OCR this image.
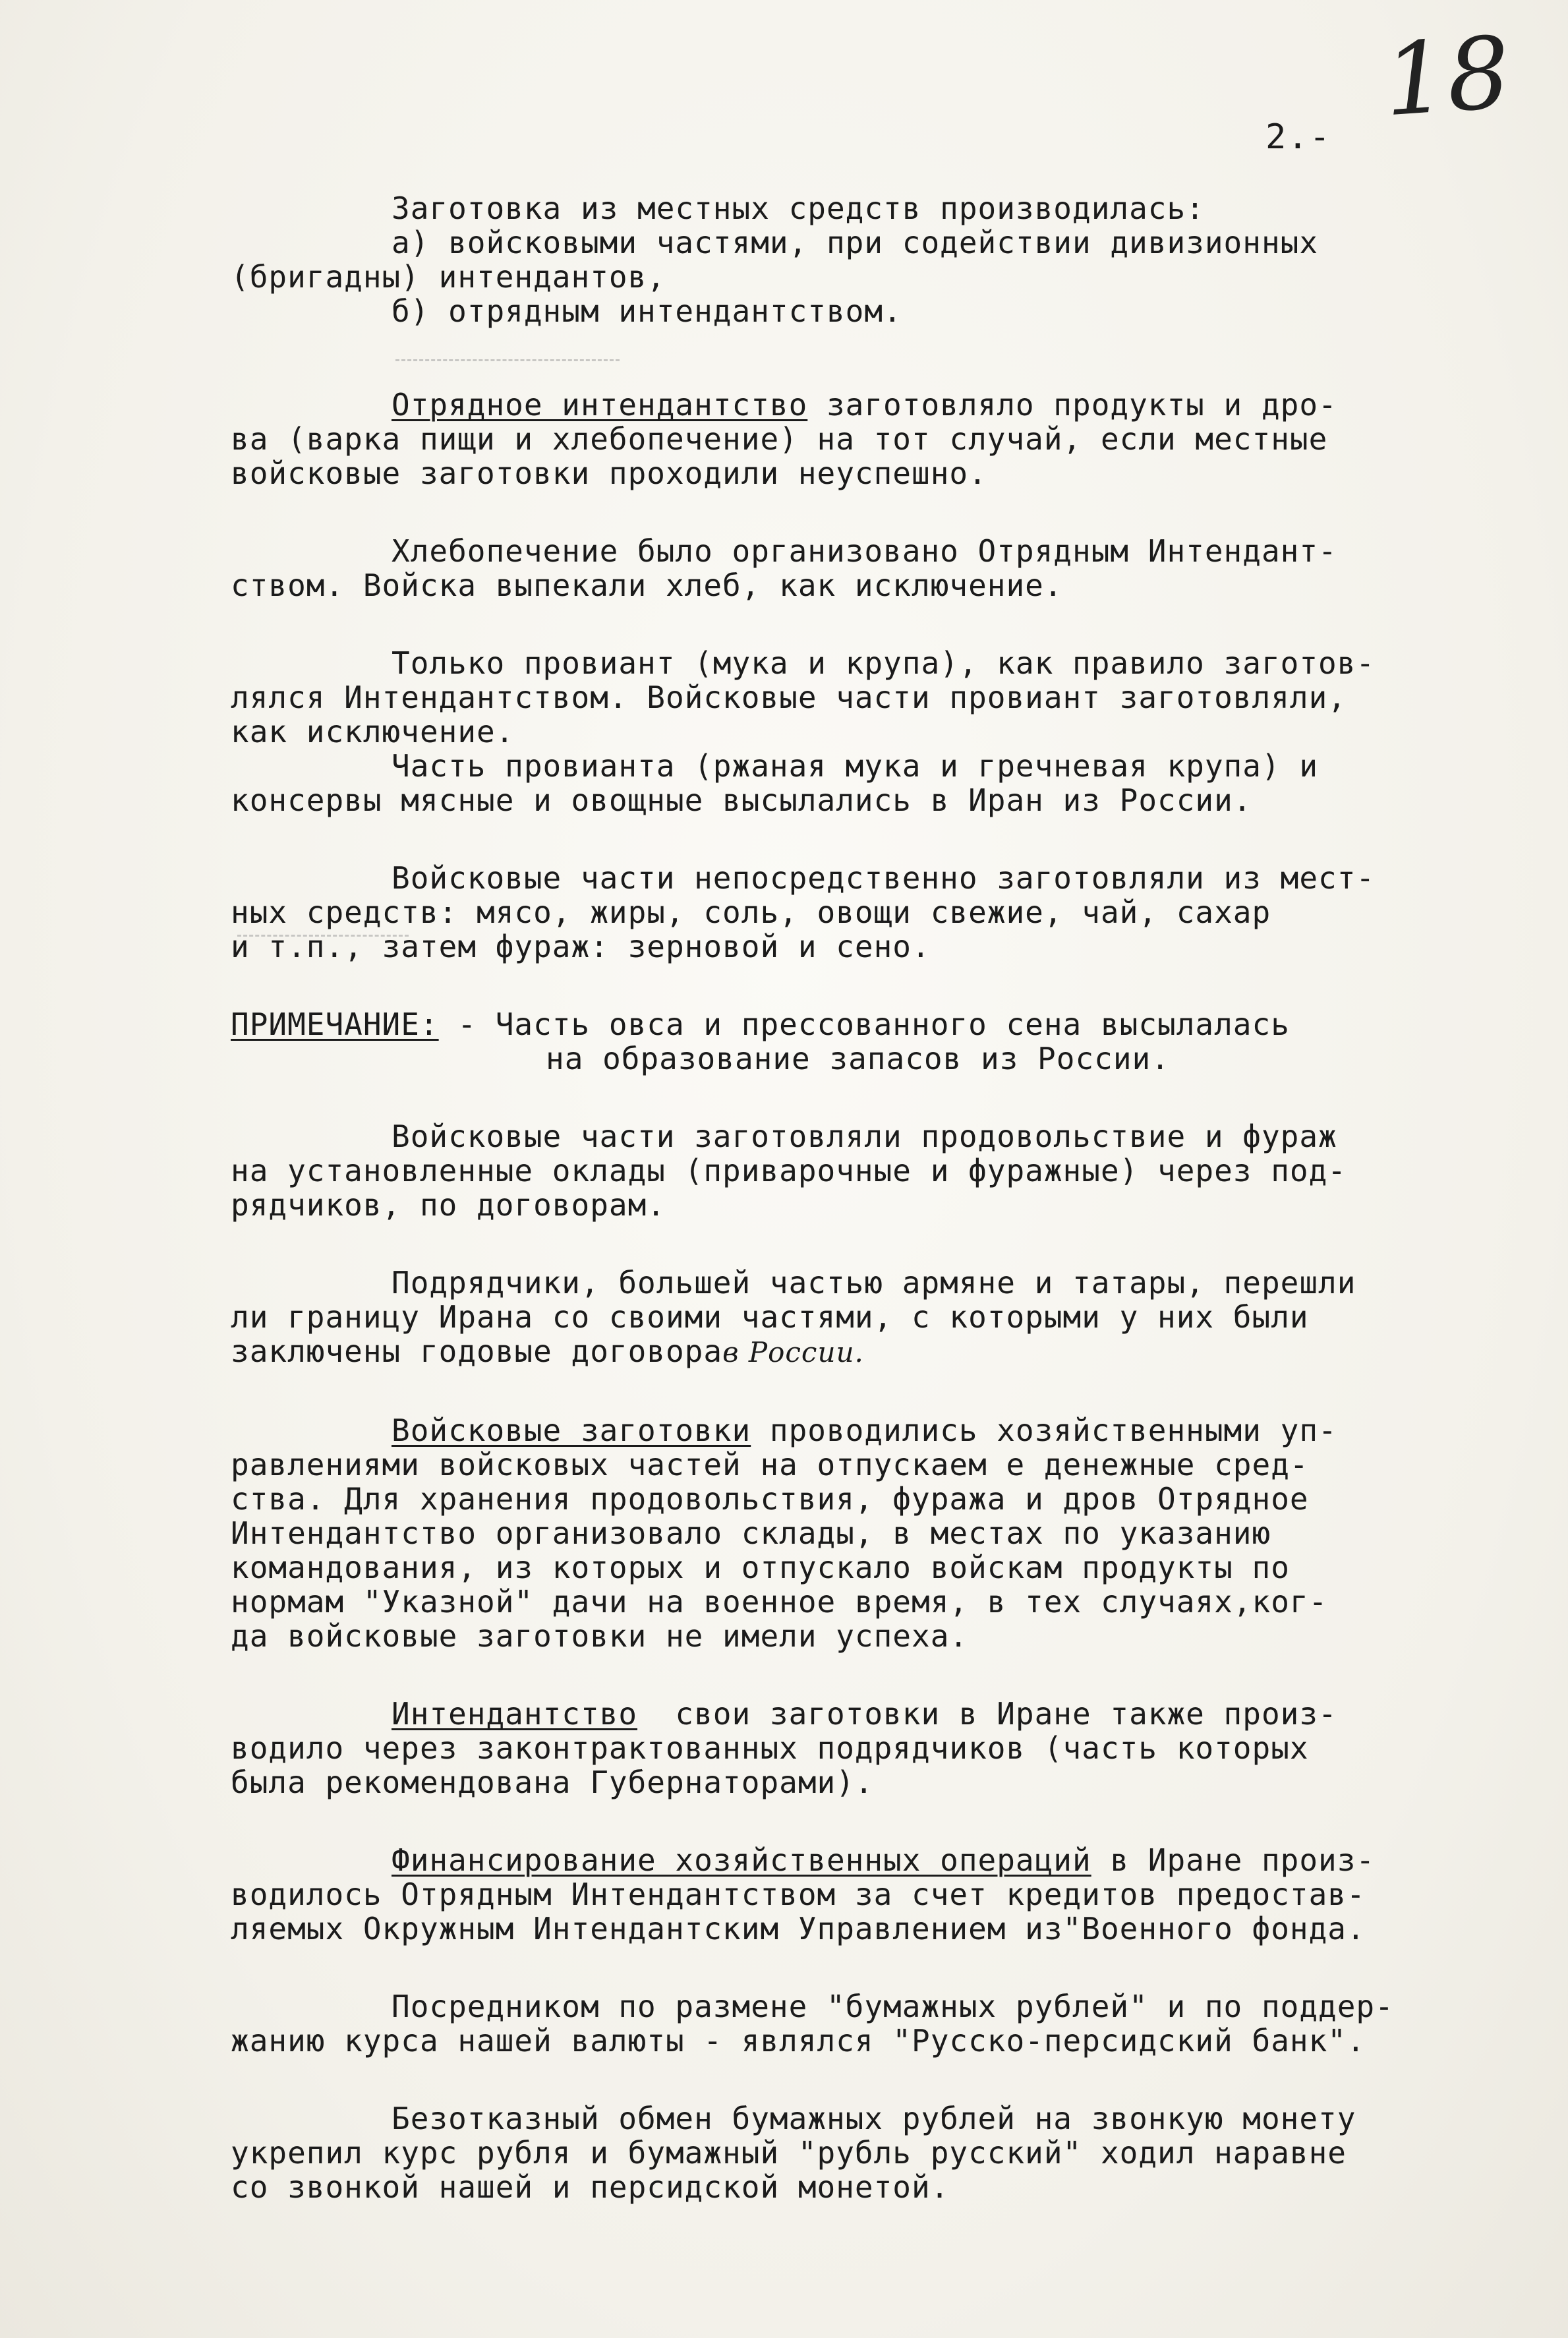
18
2.-
Заготовка из местных средств производилась:
а) войсковыми частями, при содействии дивизионных
(бригадны) интендантов,
б) отрядным интендантством.
Отрядное интендантство заготовляло продукты и дро-
ва (варка пищи и хлебопечение) на тот случай, если местные
войсковые заготовки проходили неуспешно.
Хлебопечение было организовано Отрядным Интендант-
ством. Войска выпекали хлеб, как исключение.
Только провиант (мука и крупа), как правило заготов-
лялся Интендантством. Войсковые части провиант заготовляли,
как исключение.
Часть провианта (ржаная мука и гречневая крупа) и
консервы мясные и овощные высылались в Иран из России.
Войсковые части непосредственно заготовляли из мест-
ных средств: мясо, жиры, соль, овощи свежие, чай, сахар
и т.п., затем фураж: зерновой и сено.
ПРИМЕЧАНИЕ: - Часть овса и прессованного сена высылалась
на образование запасов из России.
Войсковые части заготовляли продовольствие и фураж
на установленные оклады (приварочные и фуражные) через под-
рядчиков, по договорам.
Подрядчики, большей частью армяне и татары, перешли
ли границу Ирана со своими частями, с которыми у них были
заключены годовые договорав России.
Войсковые заготовки проводились хозяйственными уп-
равлениями войсковых частей на отпускаем е денежные сред-
ства. Для хранения продовольствия, фуража и дров Отрядное
Интендантство организовало склады, в местах по указанию
командования, из которых и отпускало войскам продукты по
нормам "Указной" дачи на военное время, в тех случаях,ког-
да войсковые заготовки не имели успеха.
Интендантство  свои заготовки в Иране также произ-
водило через законтрактованных подрядчиков (часть которых
была рекомендована Губернаторами).
Финансирование хозяйственных операций в Иране произ-
водилось Отрядным Интендантством за счет кредитов предостав-
ляемых Окружным Интендантским Управлением из"Военного фонда.
Посредником по размене "бумажных рублей" и по поддер-
жанию курса нашей валюты - являлся "Русско-персидский банк".
Безотказный обмен бумажных рублей на звонкую монету
укрепил курс рубля и бумажный "рубль русский" ходил наравне
со звонкой нашей и персидской монетой.
